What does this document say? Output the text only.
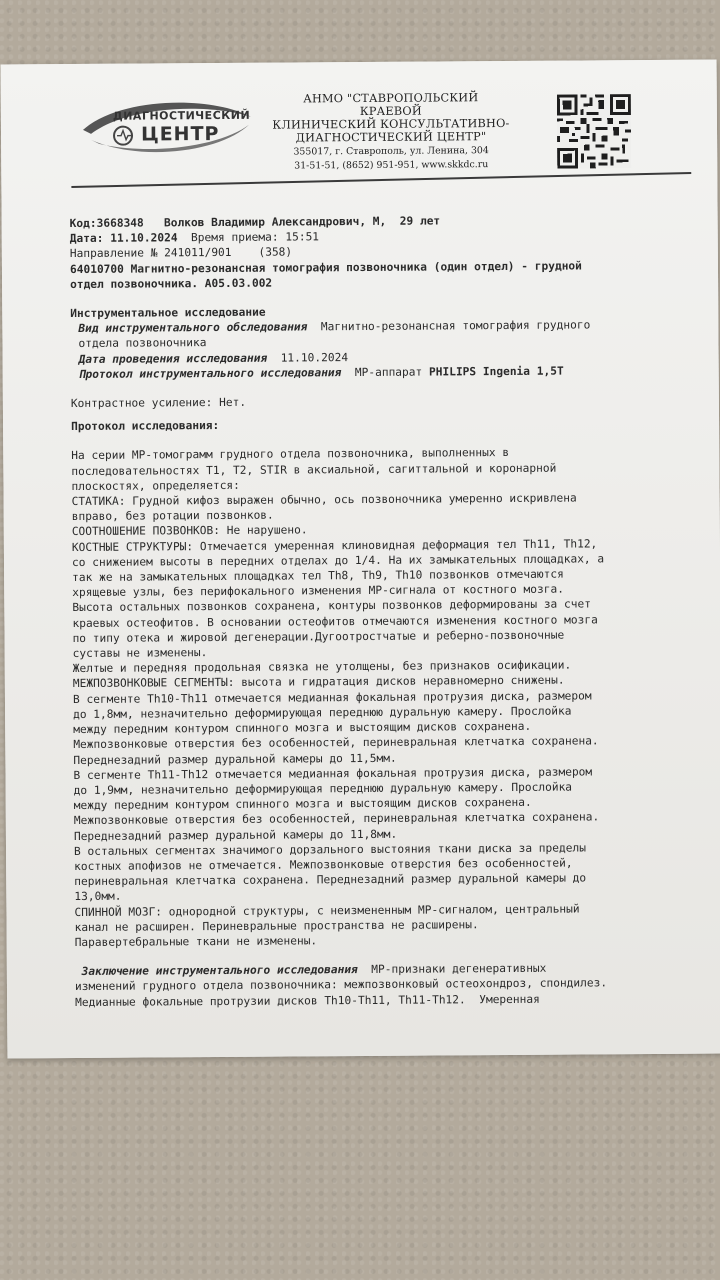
ДИАГНОСТИЧЕСКИЙ
ЦЕНТР
АНМО "СТАВРОПОЛЬСКИЙ КРАЕВОЙ
КЛИНИЧЕСКИЙ КОНСУЛЬТАТИВНО-
ДИАГНОСТИЧЕСКИЙ ЦЕНТР"
355017, г. Ставрополь, ул. Ленина, 304
31-51-51, (8652) 951-951, www.skkdc.ru
Код:3668348 Волков Владимир Александрович, М, 29 лет
Дата: 11.10.2024 Время приема: 15:51
Направление № 241011/901    (358)
64010700 Магнитно-резонансная томография позвоночника (один отдел) - грудной
отдел позвоночника. A05.03.002
Инструментальное исследование
Вид инструментального обследования Магнитно-резонансная томография грудного
отдела позвоночника
Дата проведения исследования 11.10.2024
Протокол инструментального исследования МР-аппарат PHILIPS Ingenia 1,5T
Контрастное усиление: Нет.
Протокол исследования:
На серии МР-томограмм грудного отдела позвоночника, выполненных в
последовательностях T1, T2, STIR в аксиальной, сагиттальной и коронарной
плоскостях, определяется:
СТАТИКА: Грудной кифоз выражен обычно, ось позвоночника умеренно искривлена
вправо, без ротации позвонков.
СООТНОШЕНИЕ ПОЗВОНКОВ: Не нарушено.
КОСТНЫЕ СТРУКТУРЫ: Отмечается умеренная клиновидная деформация тел Th11, Th12,
со снижением высоты в передних отделах до 1/4. На их замыкательных площадках, а
так же на замыкательных площадках тел Th8, Th9, Th10 позвонков отмечаются
хрящевые узлы, без перифокального изменения МР-сигнала от костного мозга.
Высота остальных позвонков сохранена, контуры позвонков деформированы за счет
краевых остеофитов. В основании остеофитов отмечаются изменения костного мозга
по типу отека и жировой дегенерации.Дугоотростчатые и реберно-позвоночные
суставы не изменены.
Желтые и передняя продольная связка не утолщены, без признаков осификации.
МЕЖПОЗВОНКОВЫЕ СЕГМЕНТЫ: высота и гидратация дисков неравномерно снижены.
В сегменте Th10-Th11 отмечается медианная фокальная протрузия диска, размером
до 1,8мм, незначительно деформирующая переднюю дуральную камеру. Прослойка
между передним контуром спинного мозга и выстоящим дисков сохранена.
Межпозвонковые отверстия без особенностей, периневральная клетчатка сохранена.
Переднезадний размер дуральной камеры до 11,5мм.
В сегменте Th11-Th12 отмечается медианная фокальная протрузия диска, размером
до 1,9мм, незначительно деформирующая переднюю дуральную камеру. Прослойка
между передним контуром спинного мозга и выстоящим дисков сохранена.
Межпозвонковые отверстия без особенностей, периневральная клетчатка сохранена.
Переднезадний размер дуральной камеры до 11,8мм.
В остальных сегментах значимого дорзального выстояния ткани диска за пределы
костных апофизов не отмечается. Межпозвонковые отверстия без особенностей,
периневральная клетчатка сохранена. Переднезадний размер дуральной камеры до
13,0мм.
СПИННОЙ МОЗГ: однородной структуры, с неизмененным МР-сигналом, центральный
канал не расширен. Периневральные пространства не расширены.
Паравертебральные ткани не изменены.
Заключение инструментального исследования МР-признаки дегенеративных
изменений грудного отдела позвоночника: межпозвонковый остеохондроз, спондилез.
Медианные фокальные протрузии дисков Th10-Th11, Th11-Th12.  Умеренная
